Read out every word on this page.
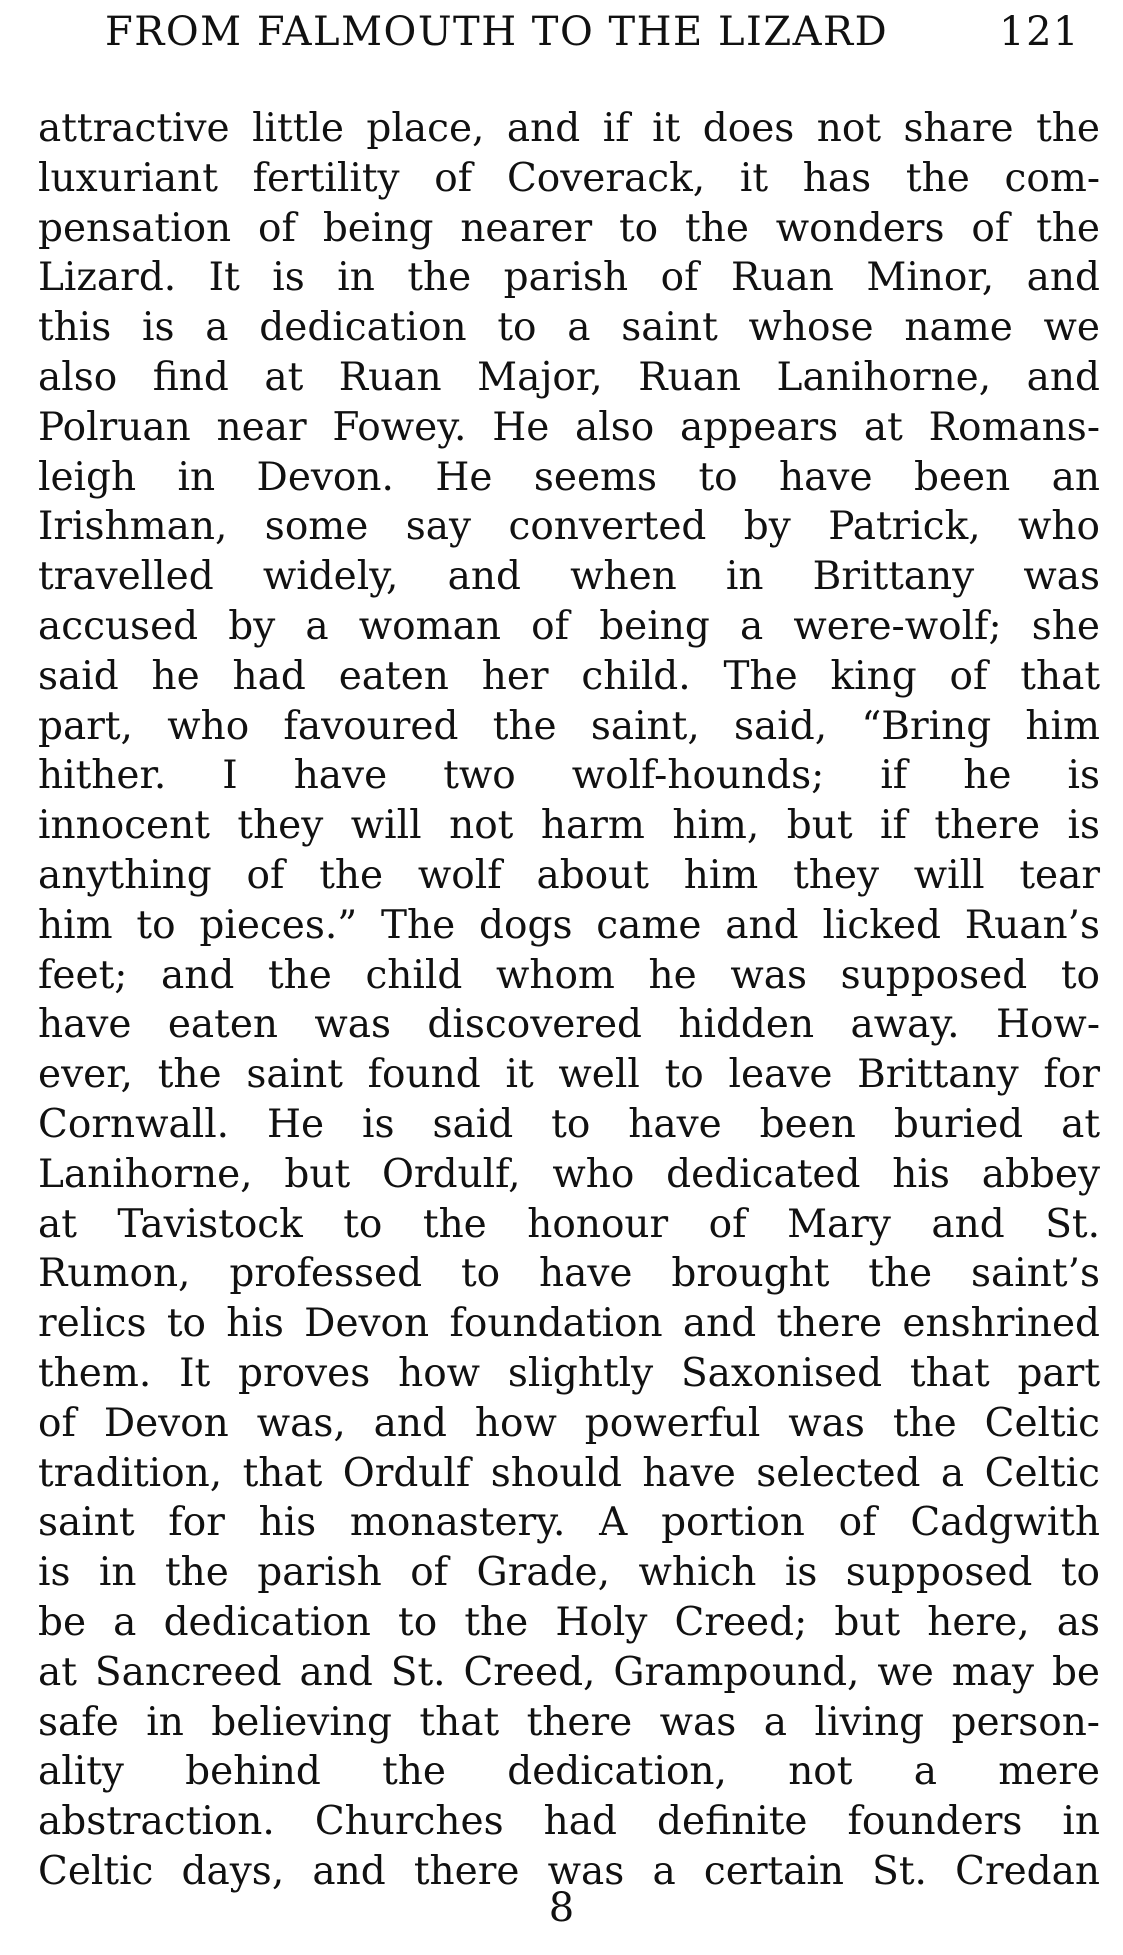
FROM FALMOUTH TO THE LIZARD	121
attractive little place, and if it does not share the
luxuriant fertility of Coverack, it has the com-
pensation of being nearer to the wonders of the
Lizard. It is in the parish of Ruan Minor, and
this is a dedication to a saint whose name we
also find at Ruan Major, Ruan Lanihorne, and
Polruan near Fowey. He also appears at Romans-
leigh in Devon. He seems to have been an
Irishman, some say converted by Patrick, who
travelled widely, and when in Brittany was
accused by a woman of being a were-wolf; she
said he had eaten her child. The king of that
part, who favoured the saint, said, “Bring him
hither. I have two wolf-hounds; if he is
innocent they will not harm him, but if there is
anything of the wolf about him they will tear
him to pieces.” The dogs came and licked Ruan’s
feet; and the child whom he was supposed to
have eaten was discovered hidden away. How-
ever, the saint found it well to leave Brittany for
Cornwall. He is said to have been buried at
Lanihorne, but Ordulf, who dedicated his abbey
at Tavistock to the honour of Mary and St.
Rumon, professed to have brought the saint’s
relics to his Devon foundation and there enshrined
them. It proves how slightly Saxonised that part
of Devon was, and how powerful was the Celtic
tradition, that Ordulf should have selected a Celtic
saint for his monastery. A portion of Cadgwith
is in the parish of Grade, which is supposed to
be a dedication to the Holy Creed; but here, as
at Sancreed and St. Creed, Grampound, we may be
safe in believing that there was a living person-
ality behind the dedication, not a mere
abstraction. Churches had definite founders in
Celtic days, and there was a certain St. Credan
8
